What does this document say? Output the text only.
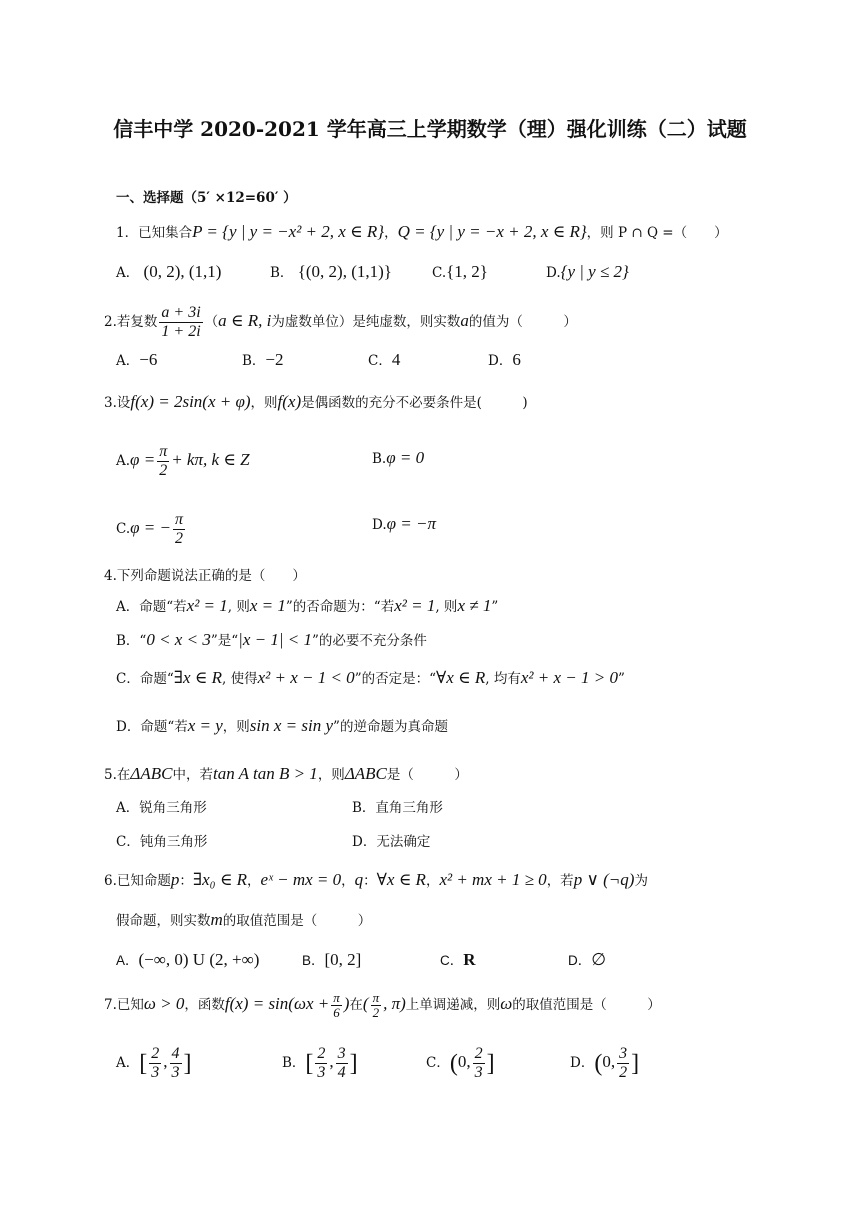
信丰中学 2020-2021 学年高三上学期数学（理）强化训练（二）试题
一、选择题（5′ ×12=60′ ）
1．已知集合P = {y | y = −x² + 2, x ∈ R}，Q = {y | y = −x + 2, x ∈ R}，则 P ∩ Q =（　　）
A． (0, 2), (1,1)	B． {(0, 2), (1,1)}	C.{1, 2}	D.{y | y ≤ 2}
2.若复数 $\frac{a + 3i}{1 + 2i} (a$ ∈ R, i为虚数单位）是纯虚数，则实数a的值为（　　　）
A．−6	B．−2	C．4	D．6
3.设f(x) = 2sin(x + φ)，则f(x)是偶函数的充分不必要条件是(　　　)
$A.\varphi = \frac{\pi}{2} + k\pi$, k ∈ Z	B.φ = 0
C.φ = − $\frac{\pi}{2}$	D.φ = −π
4.下列命题说法正确的是（　　）
A．命题“若x² = 1, 则x = 1”的否命题为：“若x² = 1, 则x ≠ 1”
B．“0 < x < 3”是“|x − 1| < 1”的必要不充分条件
C．命题“∃x ∈ R, 使得x² + x − 1 < 0”的否定是：“∀x ∈ R, 均有x² + x − 1 > 0”
D．命题“若x = y，则sin x = sin y”的逆命题为真命题
5.在ΔABC中，若tan A tan B > 1，则ΔABC是（　　　）
A．锐角三角形	B．直角三角形
C．钝角三角形	D．无法确定
6.已知命题p：∃x₀ ∈ R，eˣ − mx = 0，q：∀x ∈ R，x² + mx + 1 ≥ 0，若p ∨ (¬q)为
假命题，则实数m的取值范围是（　　　）
A．(−∞, 0) U (2, +∞)	B．[0, 2]	C．R	D．∅
7.已知ω > 0，函数$f(x) = \sin(\omega x + \frac{\pi}{6}$ )在( $\frac{\pi}{2}$ , π)上单调递减，则ω的取值范围是（　　　）
A．[ $\frac{2}{3}$ , $\frac{4}{3}$ ]	B．[ $\frac{2}{3}$ , $\frac{3}{4}$ ]	C．(0, $\frac{2}{3}$ ]	D．(0, $\frac{3}{2}$ ]
